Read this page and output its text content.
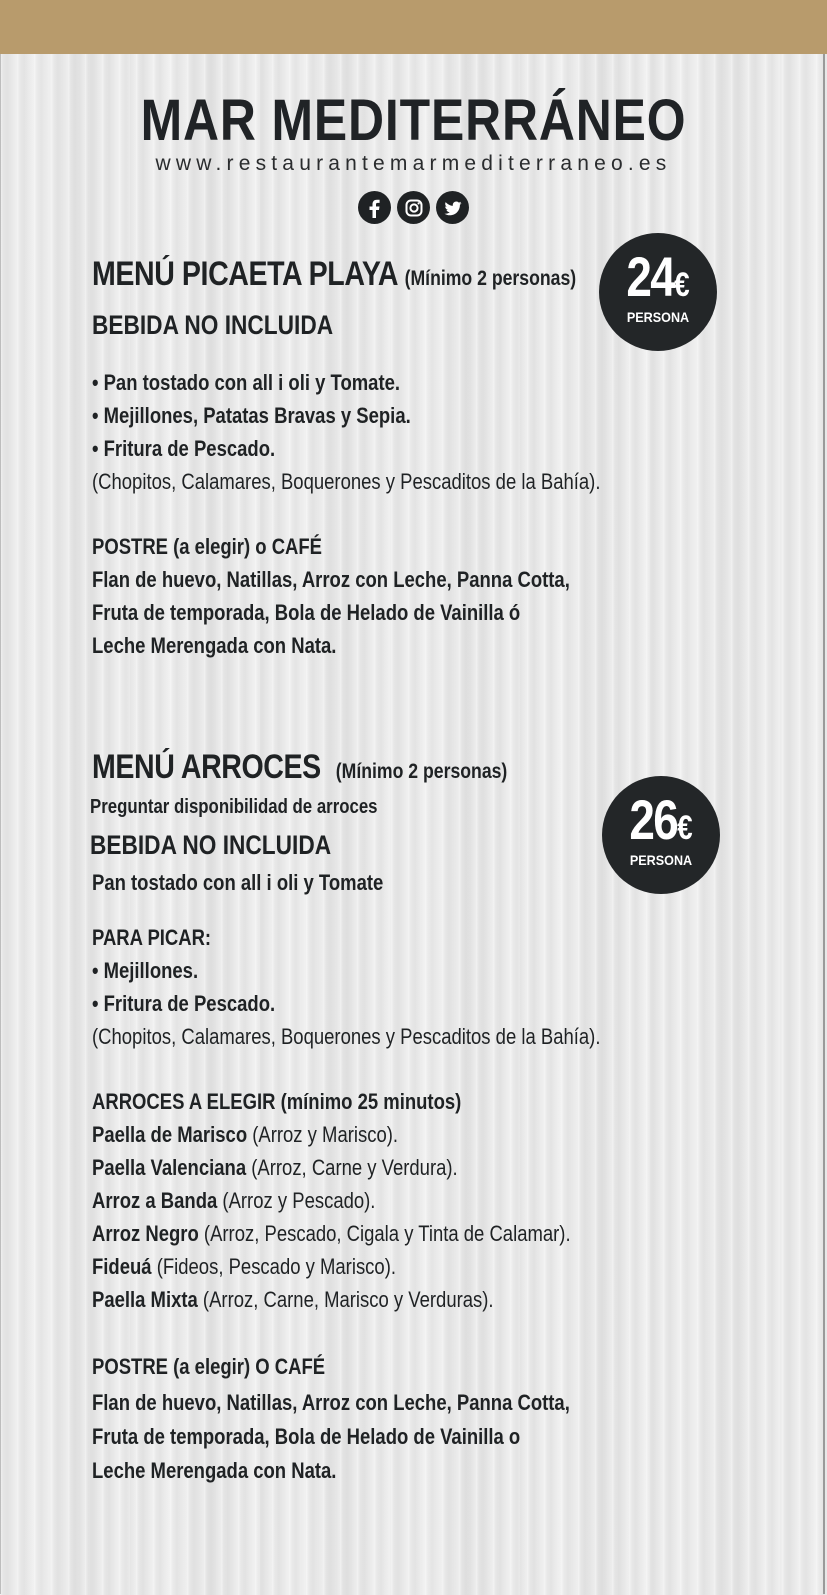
MAR MEDITERRÁNEO
www.restaurantemarmediterraneo.es
MENÚ PICAETA PLAYA (Mínimo 2 personas)
BEBIDA NO INCLUIDA
24€
PERSONA
• Pan tostado con all i oli y Tomate.
• Mejillones, Patatas Bravas y Sepia.
• Fritura de Pescado.
(Chopitos, Calamares, Boquerones y Pescaditos de la Bahía).
POSTRE (a elegir) o CAFÉ
Flan de huevo, Natillas, Arroz con Leche, Panna Cotta,
Fruta de temporada, Bola de Helado de Vainilla ó
Leche Merengada con Nata.
MENÚ ARROCES (Mínimo 2 personas)
Preguntar disponibilidad de arroces
BEBIDA NO INCLUIDA
Pan tostado con all i oli y Tomate
26€
PERSONA
PARA PICAR:
• Mejillones.
• Fritura de Pescado.
(Chopitos, Calamares, Boquerones y Pescaditos de la Bahía).
ARROCES A ELEGIR (mínimo 25 minutos)
Paella de Marisco (Arroz y Marisco).
Paella Valenciana (Arroz, Carne y Verdura).
Arroz a Banda (Arroz y Pescado).
Arroz Negro (Arroz, Pescado, Cigala y Tinta de Calamar).
Fideuá (Fideos, Pescado y Marisco).
Paella Mixta (Arroz, Carne, Marisco y Verduras).
POSTRE (a elegir) O CAFÉ
Flan de huevo, Natillas, Arroz con Leche, Panna Cotta,
Fruta de temporada, Bola de Helado de Vainilla o
Leche Merengada con Nata.
